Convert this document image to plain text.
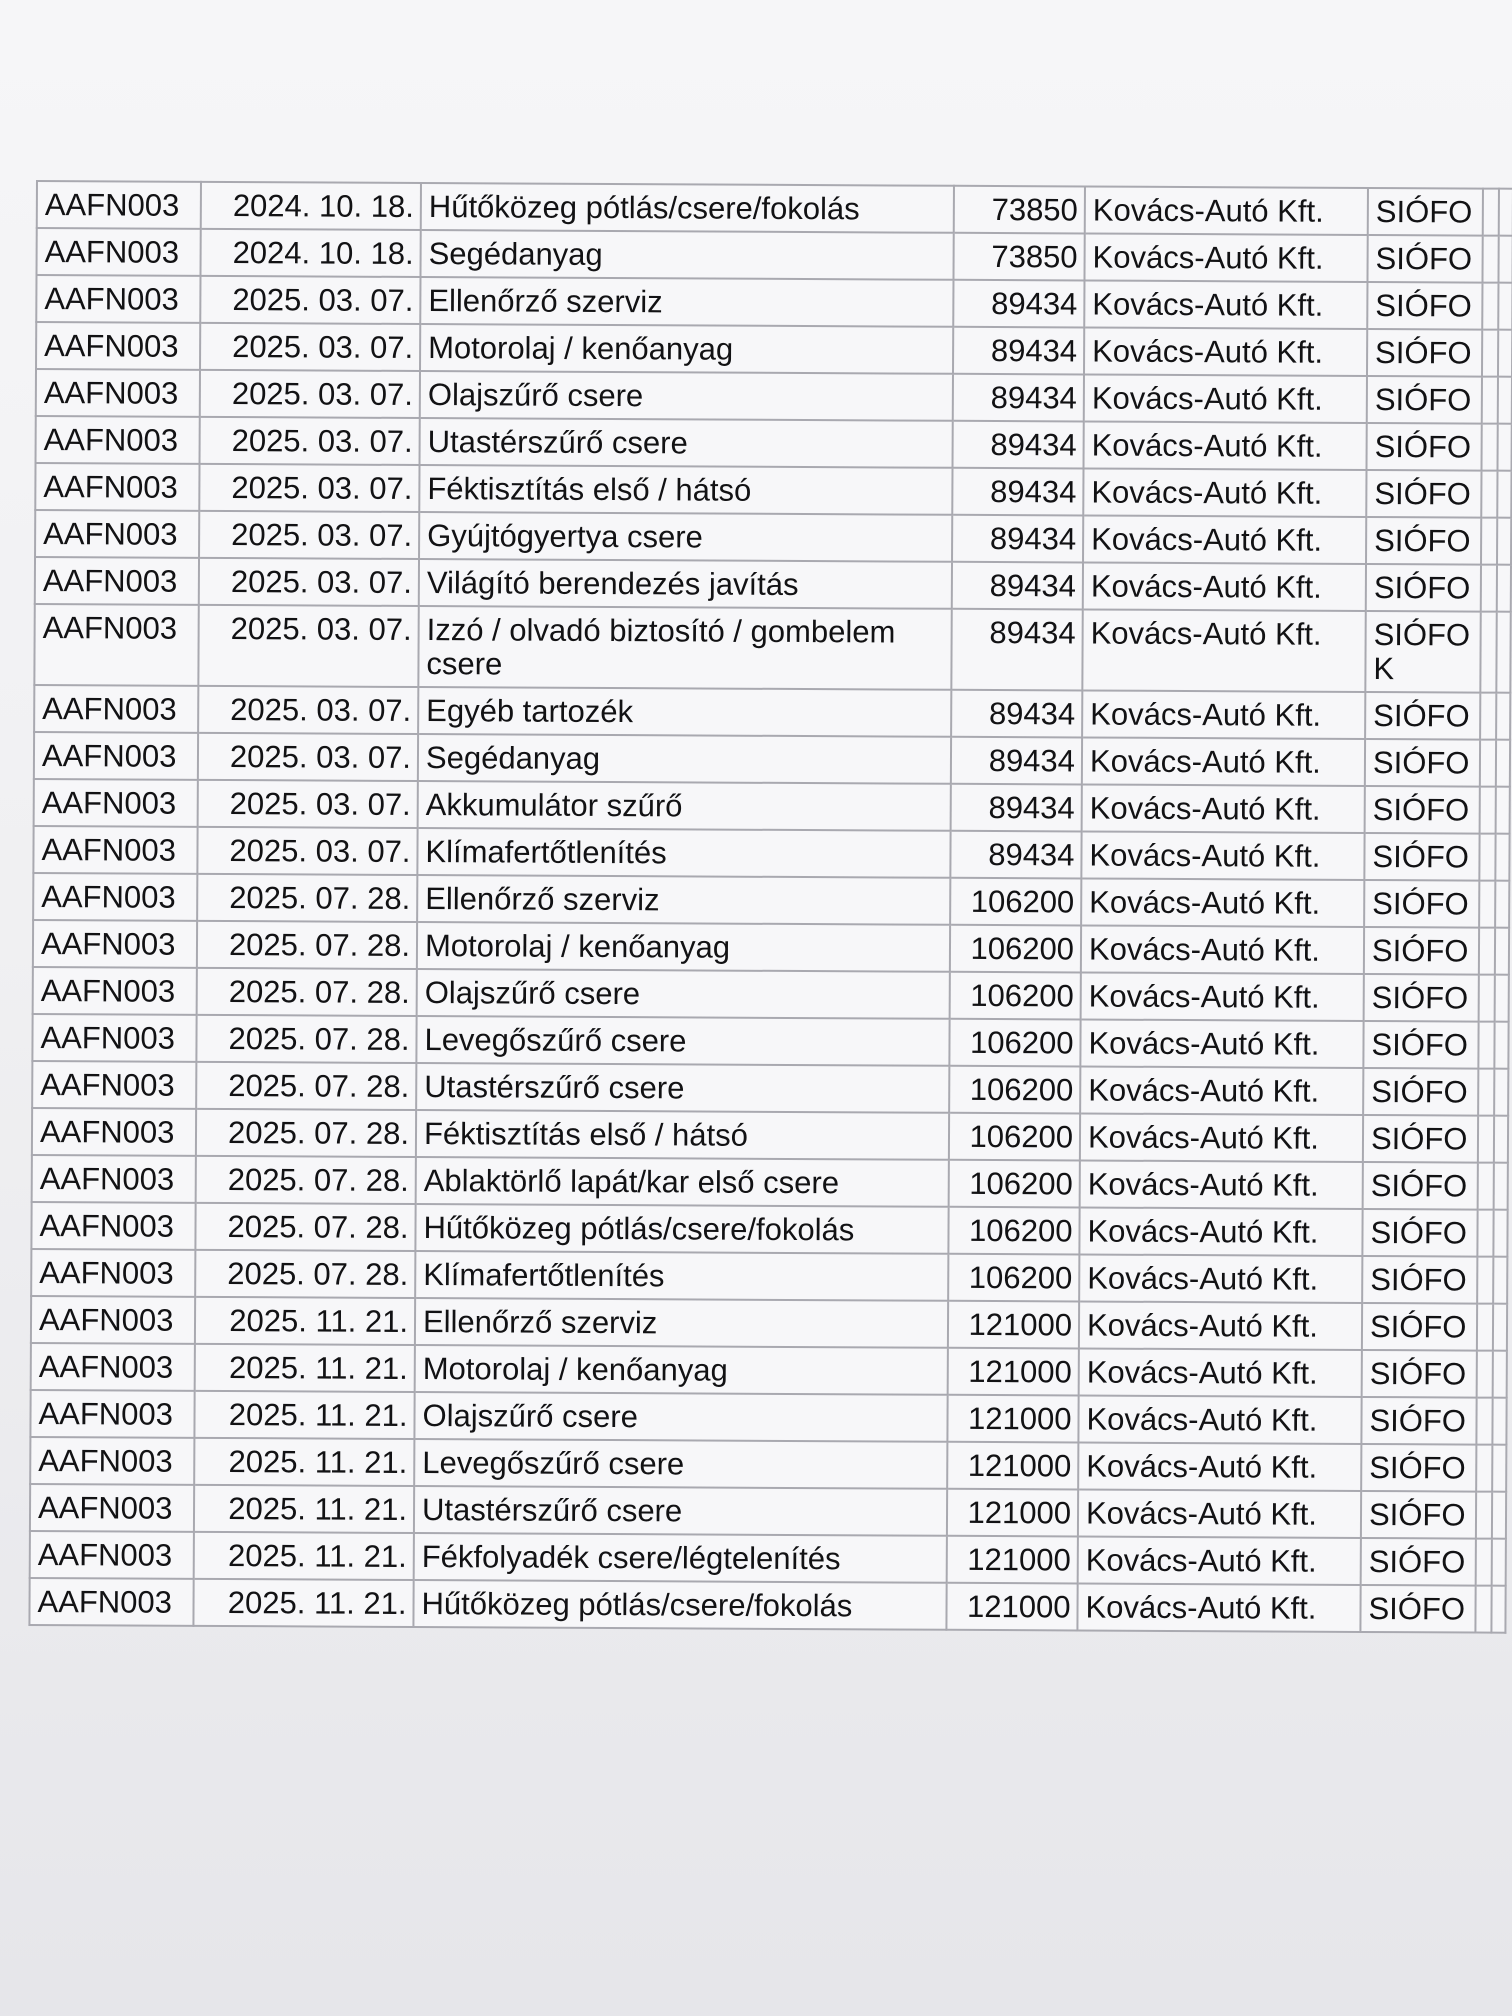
AAFN003	2024. 10. 18.	Hűtőközeg pótlás/csere/fokolás	73850	Kovács-Autó Kft.	SIÓFO		
AAFN003	2024. 10. 18.	Segédanyag	73850	Kovács-Autó Kft.	SIÓFO		
AAFN003	2025. 03. 07.	Ellenőrző szerviz	89434	Kovács-Autó Kft.	SIÓFO		
AAFN003	2025. 03. 07.	Motorolaj / kenőanyag	89434	Kovács-Autó Kft.	SIÓFO		
AAFN003	2025. 03. 07.	Olajszűrő csere	89434	Kovács-Autó Kft.	SIÓFO		
AAFN003	2025. 03. 07.	Utastérszűrő csere	89434	Kovács-Autó Kft.	SIÓFO		
AAFN003	2025. 03. 07.	Féktisztítás első / hátsó	89434	Kovács-Autó Kft.	SIÓFO		
AAFN003	2025. 03. 07.	Gyújtógyertya csere	89434	Kovács-Autó Kft.	SIÓFO		
AAFN003	2025. 03. 07.	Világító berendezés javítás	89434	Kovács-Autó Kft.	SIÓFO		
AAFN003	2025. 03. 07.	Izzó / olvadó biztosító / gombelem csere	89434	Kovács-Autó Kft.	SIÓFOK		
AAFN003	2025. 03. 07.	Egyéb tartozék	89434	Kovács-Autó Kft.	SIÓFO		
AAFN003	2025. 03. 07.	Segédanyag	89434	Kovács-Autó Kft.	SIÓFO		
AAFN003	2025. 03. 07.	Akkumulátor szűrő	89434	Kovács-Autó Kft.	SIÓFO		
AAFN003	2025. 03. 07.	Klímafertőtlenítés	89434	Kovács-Autó Kft.	SIÓFO		
AAFN003	2025. 07. 28.	Ellenőrző szerviz	106200	Kovács-Autó Kft.	SIÓFO		
AAFN003	2025. 07. 28.	Motorolaj / kenőanyag	106200	Kovács-Autó Kft.	SIÓFO		
AAFN003	2025. 07. 28.	Olajszűrő csere	106200	Kovács-Autó Kft.	SIÓFO		
AAFN003	2025. 07. 28.	Levegőszűrő csere	106200	Kovács-Autó Kft.	SIÓFO		
AAFN003	2025. 07. 28.	Utastérszűrő csere	106200	Kovács-Autó Kft.	SIÓFO		
AAFN003	2025. 07. 28.	Féktisztítás első / hátsó	106200	Kovács-Autó Kft.	SIÓFO		
AAFN003	2025. 07. 28.	Ablaktörlő lapát/kar első csere	106200	Kovács-Autó Kft.	SIÓFO		
AAFN003	2025. 07. 28.	Hűtőközeg pótlás/csere/fokolás	106200	Kovács-Autó Kft.	SIÓFO		
AAFN003	2025. 07. 28.	Klímafertőtlenítés	106200	Kovács-Autó Kft.	SIÓFO		
AAFN003	2025. 11. 21.	Ellenőrző szerviz	121000	Kovács-Autó Kft.	SIÓFO		
AAFN003	2025. 11. 21.	Motorolaj / kenőanyag	121000	Kovács-Autó Kft.	SIÓFO		
AAFN003	2025. 11. 21.	Olajszűrő csere	121000	Kovács-Autó Kft.	SIÓFO		
AAFN003	2025. 11. 21.	Levegőszűrő csere	121000	Kovács-Autó Kft.	SIÓFO		
AAFN003	2025. 11. 21.	Utastérszűrő csere	121000	Kovács-Autó Kft.	SIÓFO		
AAFN003	2025. 11. 21.	Fékfolyadék csere/légtelenítés	121000	Kovács-Autó Kft.	SIÓFO		
AAFN003	2025. 11. 21.	Hűtőközeg pótlás/csere/fokolás	121000	Kovács-Autó Kft.	SIÓFO		
